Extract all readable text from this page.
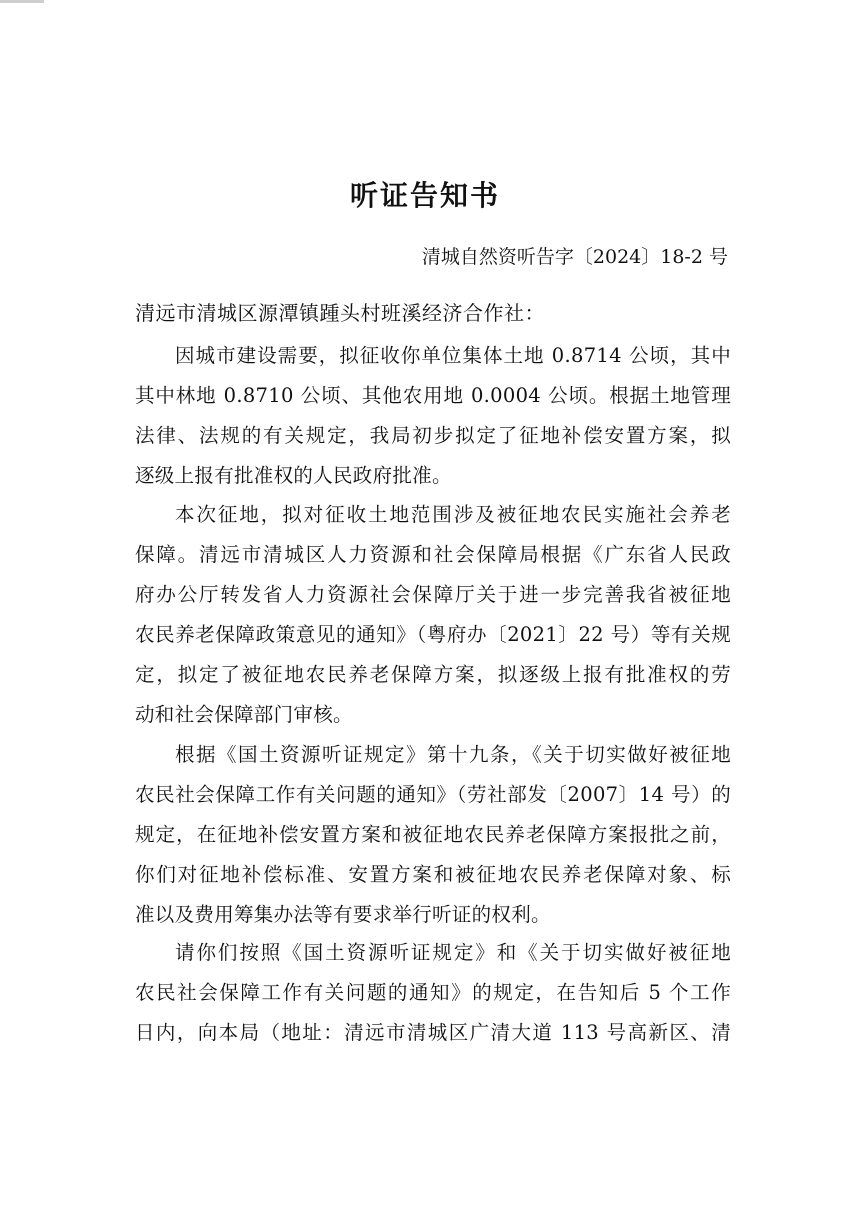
听证告知书
清城自然资听告字〔2024〕18-2 号
清远市清城区源潭镇踵头村班溪经济合作社：
因城市建设需要，拟征收你单位集体土地 0.8714 公顷，其中
其中林地 0.8710 公顷、其他农用地 0.0004 公顷。根据土地管理
法律、法规的有关规定，我局初步拟定了征地补偿安置方案，拟
逐级上报有批准权的人民政府批准。
本次征地，拟对征收土地范围涉及被征地农民实施社会养老
保障。清远市清城区人力资源和社会保障局根据《广东省人民政
府办公厅转发省人力资源社会保障厅关于进一步完善我省被征地
农民养老保障政策意见的通知》（粤府办〔2021〕22 号）等有关规
定，拟定了被征地农民养老保障方案，拟逐级上报有批准权的劳
动和社会保障部门审核。
根据《国土资源听证规定》第十九条，《关于切实做好被征地
农民社会保障工作有关问题的通知》（劳社部发〔2007〕14 号）的
规定，在征地补偿安置方案和被征地农民养老保障方案报批之前，
你们对征地补偿标准、安置方案和被征地农民养老保障对象、标
准以及费用筹集办法等有要求举行听证的权利。
请你们按照《国土资源听证规定》和《关于切实做好被征地
农民社会保障工作有关问题的通知》的规定，在告知后 5 个工作
日内，向本局（地址：清远市清城区广清大道 113 号高新区、清
